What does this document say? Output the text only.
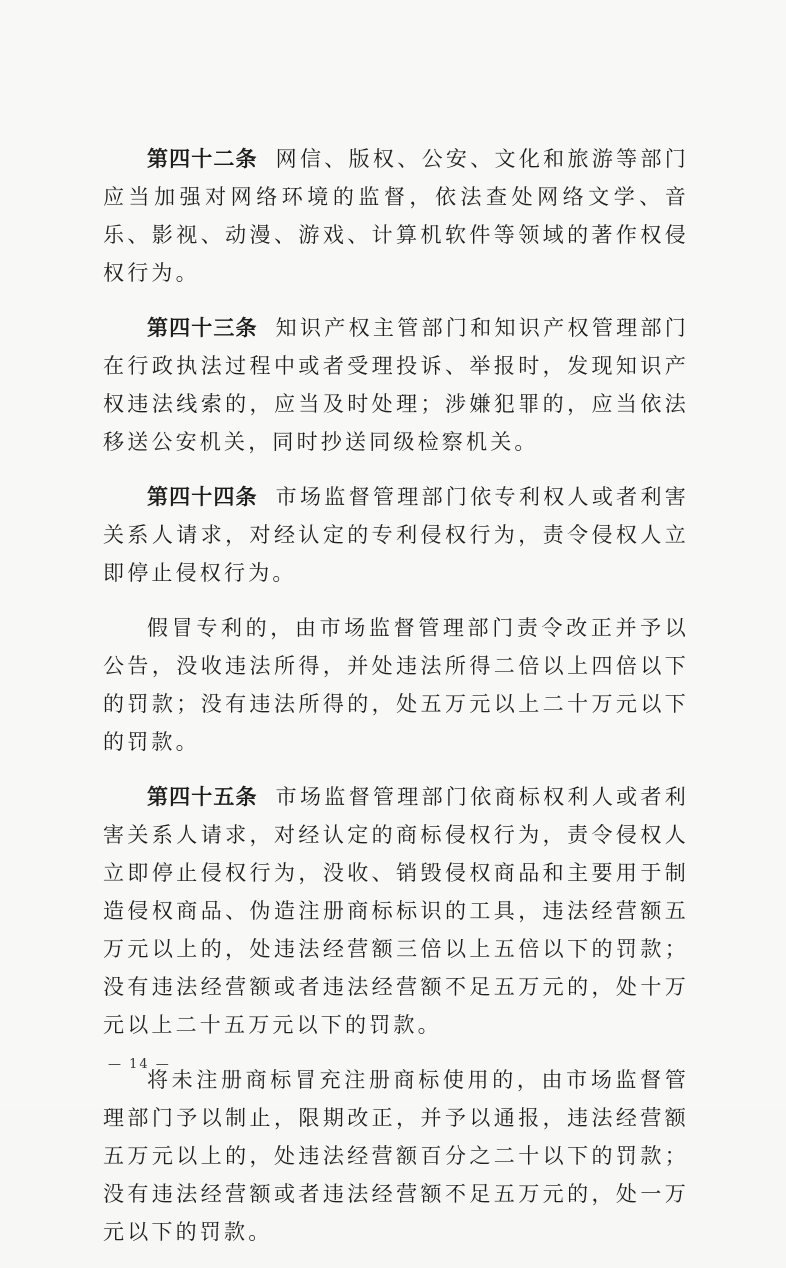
第四十二条 网信、版权、公安、文化和旅游等部门应当加强对网络环境的监督，依法查处网络文学、音乐、影视、动漫、游戏、计算机软件等领域的著作权侵权行为。

第四十三条 知识产权主管部门和知识产权管理部门在行政执法过程中或者受理投诉、举报时，发现知识产权违法线索的，应当及时处理；涉嫌犯罪的，应当依法移送公安机关，同时抄送同级检察机关。

第四十四条 市场监督管理部门依专利权人或者利害关系人请求，对经认定的专利侵权行为，责令侵权人立即停止侵权行为。

假冒专利的，由市场监督管理部门责令改正并予以公告，没收违法所得，并处违法所得二倍以上四倍以下的罚款；没有违法所得的，处五万元以上二十万元以下的罚款。

第四十五条 市场监督管理部门依商标权利人或者利害关系人请求，对经认定的商标侵权行为，责令侵权人立即停止侵权行为，没收、销毁侵权商品和主要用于制造侵权商品、伪造注册商标标识的工具，违法经营额五万元以上的，处违法经营额三倍以上五倍以下的罚款；没有违法经营额或者违法经营额不足五万元的，处十万元以上二十五万元以下的罚款。

将未注册商标冒充注册商标使用的，由市场监督管理部门予以制止，限期改正，并予以通报，违法经营额五万元以上的，处违法经营额百分之二十以下的罚款；没有违法经营额或者违法经营额不足五万元的，处一万元以下的罚款。

— 14 —
